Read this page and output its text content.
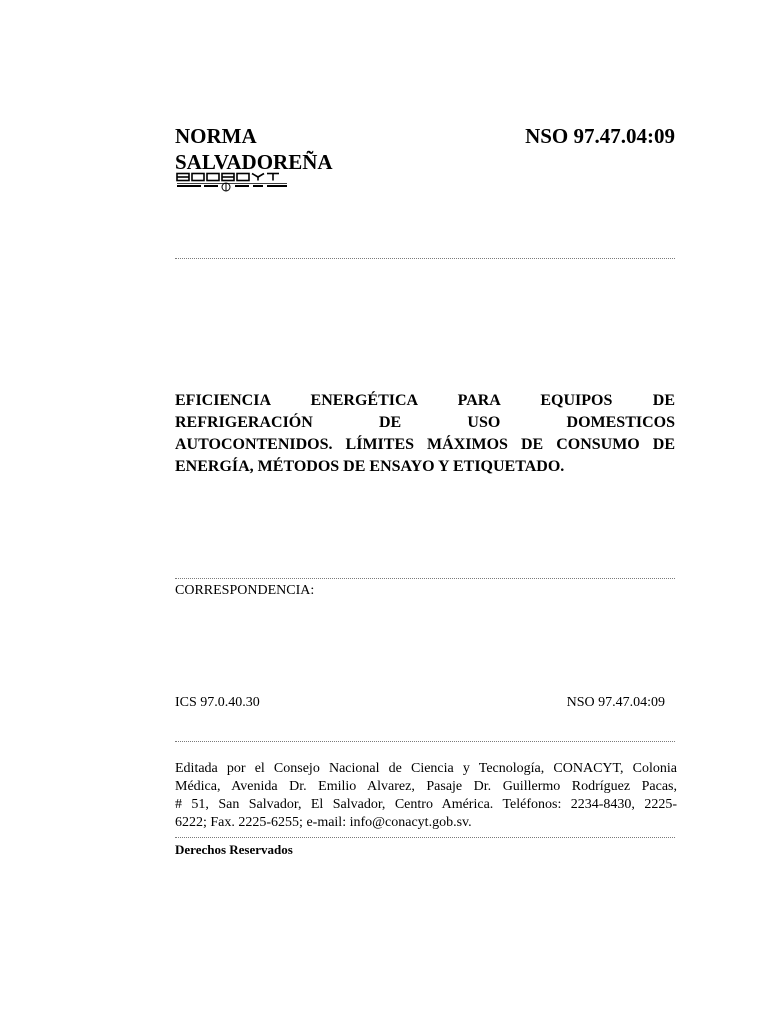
NORMA
SALVADOREÑA
NSO 97.47.04:09
EFICIENCIA ENERGÉTICA PARA EQUIPOS DE
REFRIGERACIÓN DE USO DOMESTICOS
AUTOCONTENIDOS. LÍMITES MÁXIMOS DE CONSUMO DE
ENERGÍA, MÉTODOS DE ENSAYO Y ETIQUETADO.
CORRESPONDENCIA:
ICS 97.0.40.30	NSO 97.47.04:09
Editada por el Consejo Nacional de Ciencia y Tecnología, CONACYT, Colonia
Médica, Avenida Dr. Emilio Alvarez, Pasaje Dr. Guillermo Rodríguez Pacas,
# 51, San Salvador, El Salvador, Centro América. Teléfonos: 2234-8430, 2225-
6222; Fax. 2225-6255; e-mail: info@conacyt.gob.sv.
Derechos Reservados
